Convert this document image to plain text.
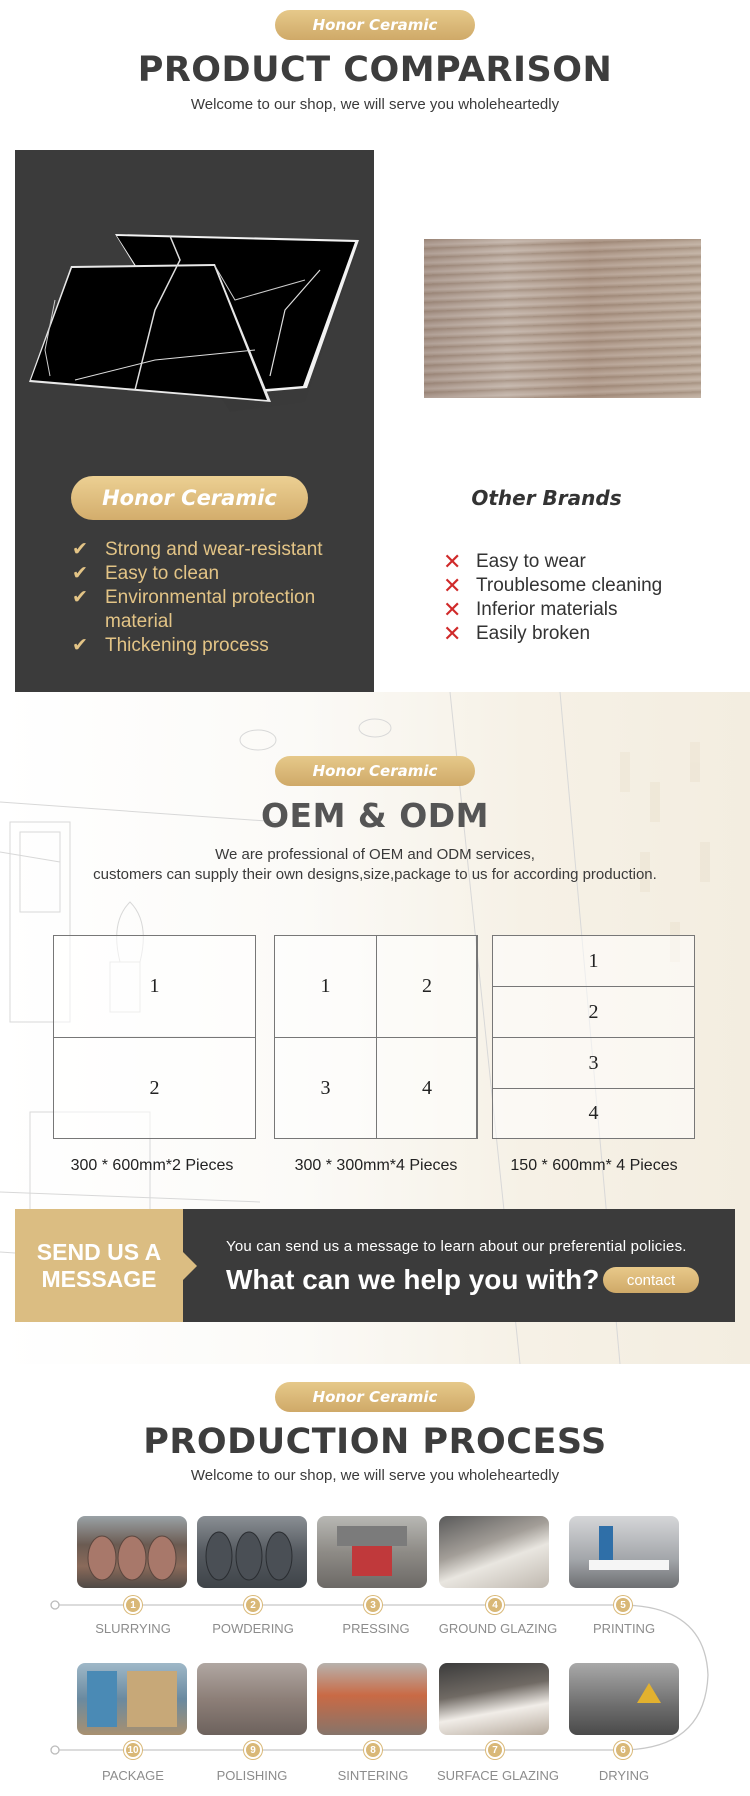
Honor Ceramic
PRODUCT COMPARISON
Welcome to our shop, we will serve you wholeheartedly
Honor Ceramic
✔ Strong and wear-resistant
✔ Easy to clean
✔ Environmental protection material
✔ Thickening process
Other Brands
✕ Easy to wear
✕ Troublesome cleaning
✕ Inferior materials
✕ Easily broken
Honor Ceramic
OEM & ODM
We are professional of OEM and ODM services,
customers can supply their own designs,size,package to us for according production.
1
2
300 * 600mm*2 Pieces
1	2
3	4
300 * 300mm*4 Pieces
1
2
3
4
150 * 600mm* 4 Pieces
SEND US A MESSAGE
You can send us a message to learn about our preferential policies.
What can we help you with?	contact
Honor Ceramic
PRODUCTION PROCESS
Welcome to our shop, we will serve you wholeheartedly
1	2	3	4	5
SLURRYING	POWDERING	PRESSING	GROUND GLAZING	PRINTING
10	9	8	7	6
PACKAGE	POLISHING	SINTERING	SURFACE GLAZING	DRYING
